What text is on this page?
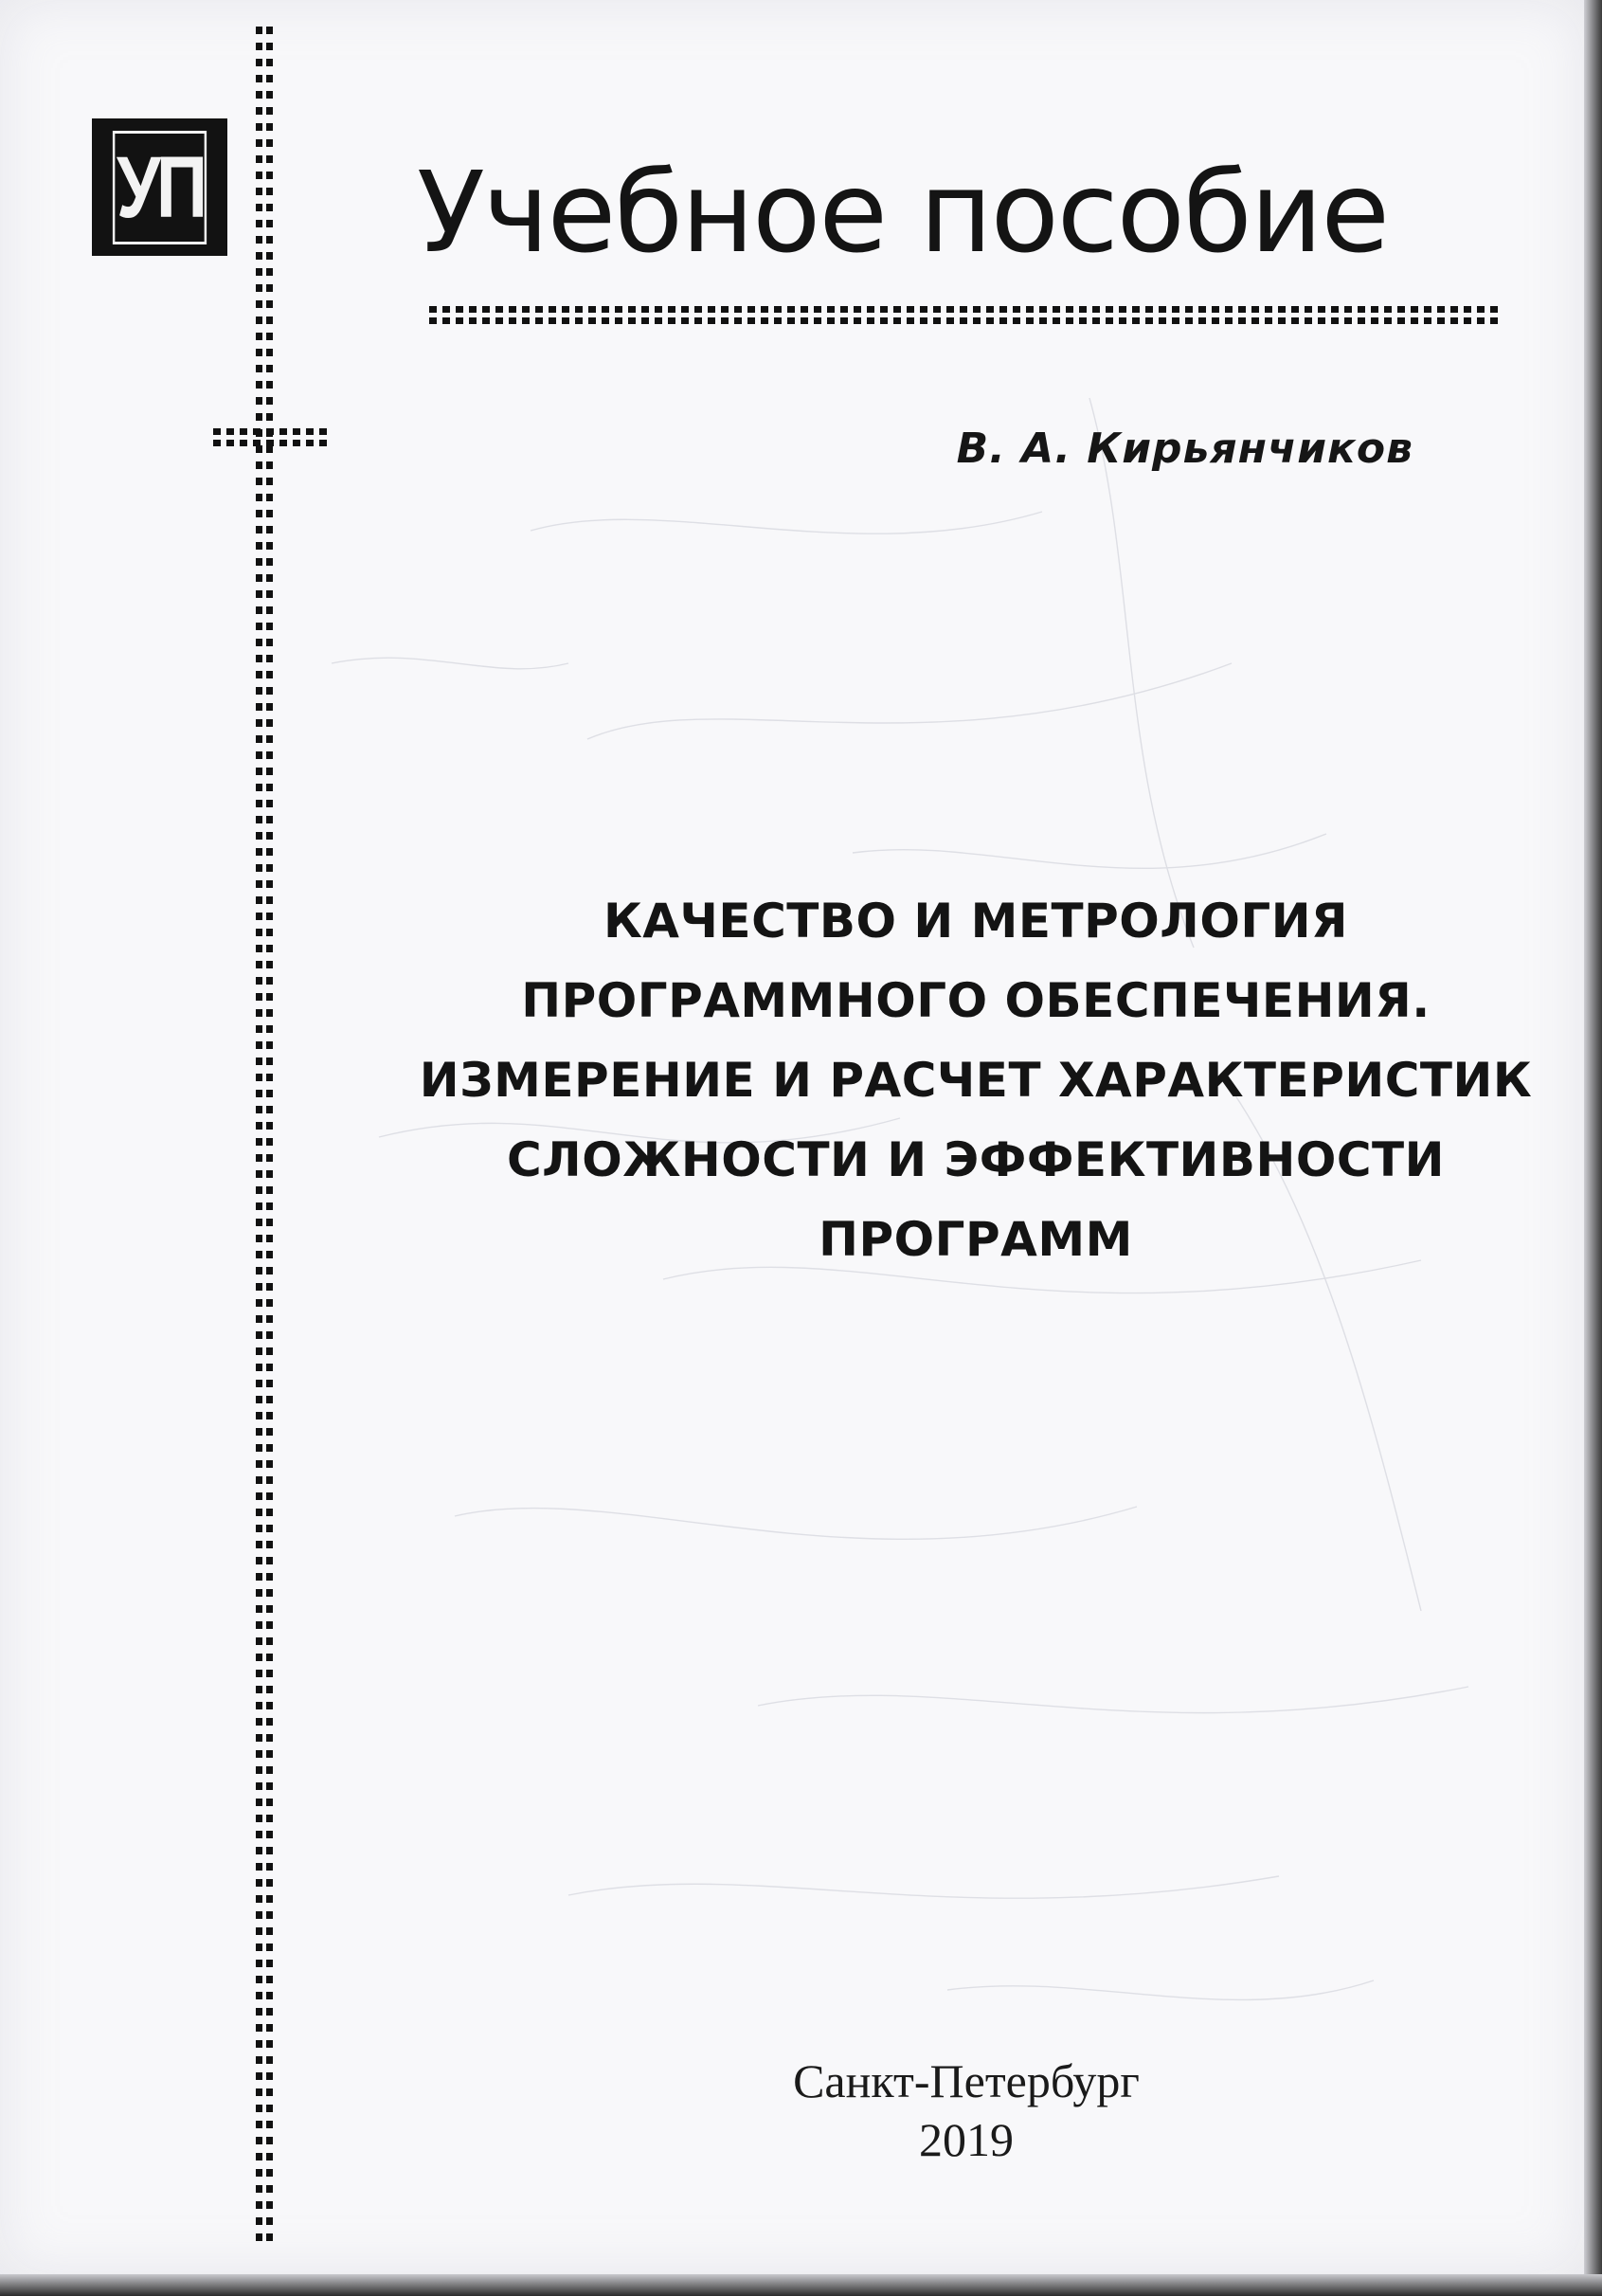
УП Учебное пособие
В. А. Кирьянчиков
КАЧЕСТВО И МЕТРОЛОГИЯ
ПРОГРАММНОГО ОБЕСПЕЧЕНИЯ.
ИЗМЕРЕНИЕ И РАСЧЕТ ХАРАКТЕРИСТИК
СЛОЖНОСТИ И ЭФФЕКТИВНОСТИ
ПРОГРАММ
Санкт-Петербург
2019
